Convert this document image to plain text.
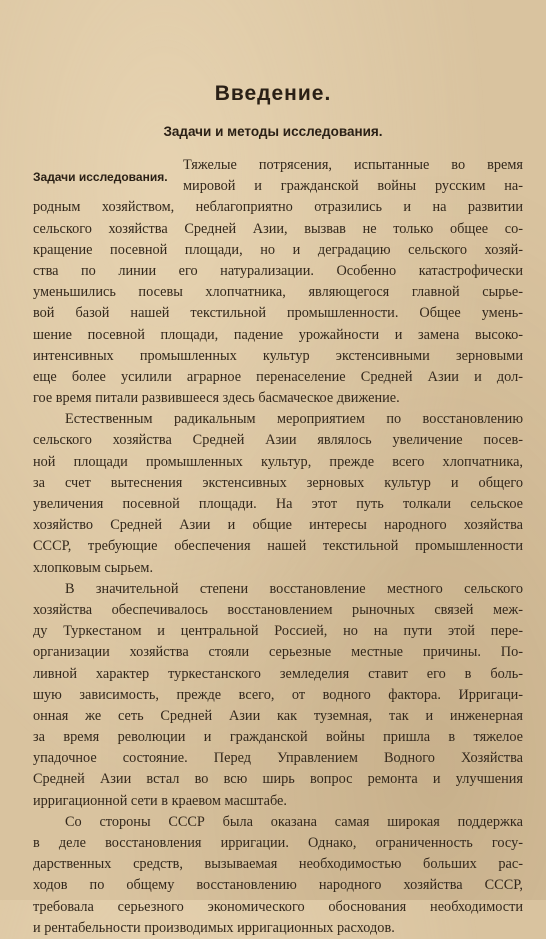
Введение.
Задачи и методы исследования.
Задачи исследования.
Тяжелые потрясения, испытанные во время
мировой и гражданской войны русским на-
родным хозяйством, неблагоприятно отразились и на развитии
сельского хозяйства Средней Азии, вызвав не только общее со-
кращение посевной площади, но и деградацию сельского хозяй-
ства по линии его натурализации. Особенно катастрофически
уменьшились посевы хлопчатника, являющегося главной сырье-
вой базой нашей текстильной промышленности. Общее умень-
шение посевной площади, падение урожайности и замена высоко-
интенсивных промышленных культур экстенсивными зерновыми
еще более усилили аграрное перенаселение Средней Азии и дол-
гое время питали развившееся здесь басмаческое движение.
Естественным радикальным мероприятием по восстановлению
сельского хозяйства Средней Азии являлось увеличение посев-
ной площади промышленных культур, прежде всего хлопчатника,
за счет вытеснения экстенсивных зерновых культур и общего
увеличения посевной площади. На этот путь толкали сельское
хозяйство Средней Азии и общие интересы народного хозяйства
СССР, требующие обеспечения нашей текстильной промышленности
хлопковым сырьем.
В значительной степени восстановление местного сельского
хозяйства обеспечивалось восстановлением рыночных связей меж-
ду Туркестаном и центральной Россией, но на пути этой пере-
организации хозяйства стояли серьезные местные причины. По-
ливной характер туркестанского земледелия ставит его в боль-
шую зависимость, прежде всего, от водного фактора. Ирригаци-
онная же сеть Средней Азии как туземная, так и инженерная
за время революции и гражданской войны пришла в тяжелое
упадочное состояние. Перед Управлением Водного Хозяйства
Средней Азии встал во всю ширь вопрос ремонта и улучшения
ирригационной сети в краевом масштабе.
Со стороны СССР была оказана самая широкая поддержка
в деле восстановления ирригации. Однако, ограниченность госу-
дарственных средств, вызываемая необходимостью больших рас-
ходов по общему восстановлению народного хозяйства СССР,
требовала серьезного экономического обоснования необходимости
и рентабельности производимых ирригационных расходов.
